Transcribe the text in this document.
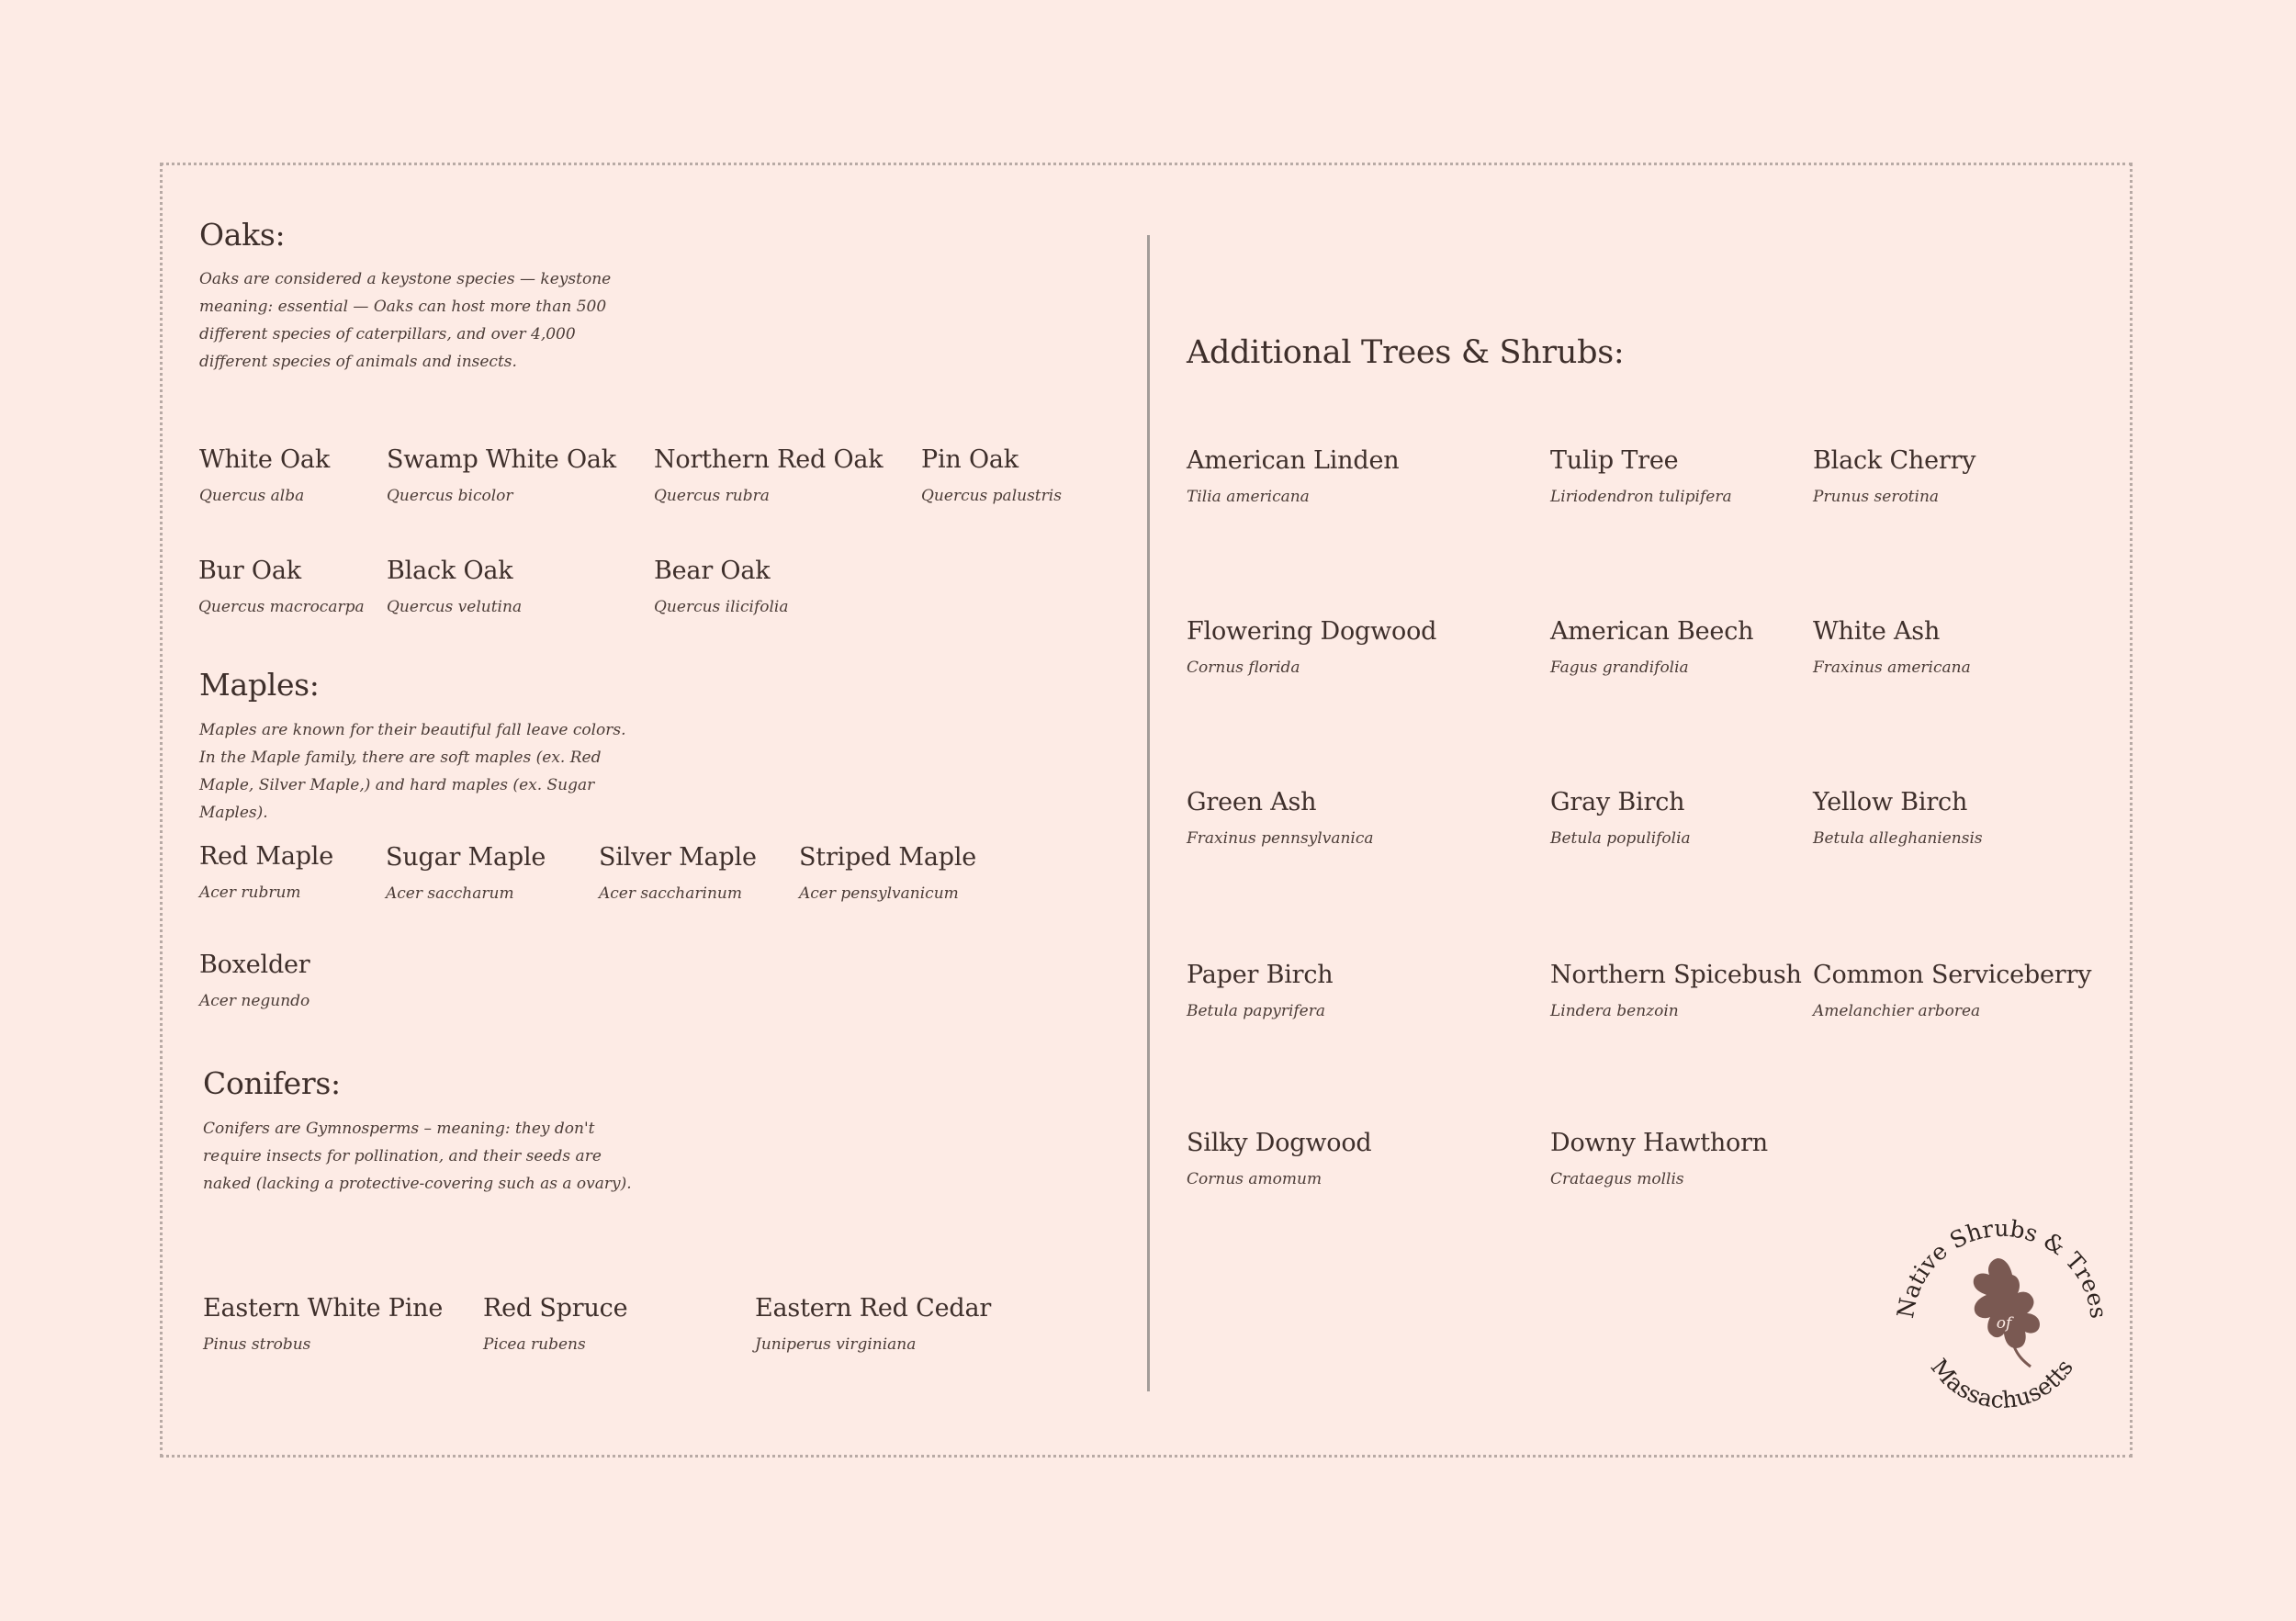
Oaks:
Oaks are considered a keystone species — keystone meaning: essential — Oaks can host more than 500 different species of caterpillars, and over 4,000 different species of animals and insects.
White Oak
Quercus alba
Swamp White Oak
Quercus bicolor
Northern Red Oak
Quercus rubra
Pin Oak
Quercus palustris
Bur Oak
Quercus macrocarpa
Black Oak
Quercus velutina
Bear Oak
Quercus ilicifolia
Maples:
Maples are known for their beautiful fall leave colors. In the Maple family, there are soft maples (ex. Red Maple, Silver Maple,) and hard maples (ex. Sugar Maples).
Red Maple
Acer rubrum
Sugar Maple
Acer saccharum
Silver Maple
Acer saccharinum
Striped Maple
Acer pensylvanicum
Boxelder
Acer negundo
Conifers:
Conifers are Gymnosperms – meaning: they don't require insects for pollination, and their seeds are naked (lacking a protective-covering such as a ovary).
Eastern White Pine
Pinus strobus
Red Spruce
Picea rubens
Eastern Red Cedar
Juniperus virginiana
Additional Trees & Shrubs:
American Linden
Tilia americana
Tulip Tree
Liriodendron tulipifera
Black Cherry
Prunus serotina
Flowering Dogwood
Cornus florida
American Beech
Fagus grandifolia
White Ash
Fraxinus americana
Green Ash
Fraxinus pennsylvanica
Gray Birch
Betula populifolia
Yellow Birch
Betula alleghaniensis
Paper Birch
Betula papyrifera
Northern Spicebush
Lindera benzoin
Common Serviceberry
Amelanchier arborea
Silky Dogwood
Cornus amomum
Downy Hawthorn
Crataegus mollis
Native Shrubs & Trees
Massachusetts
of
